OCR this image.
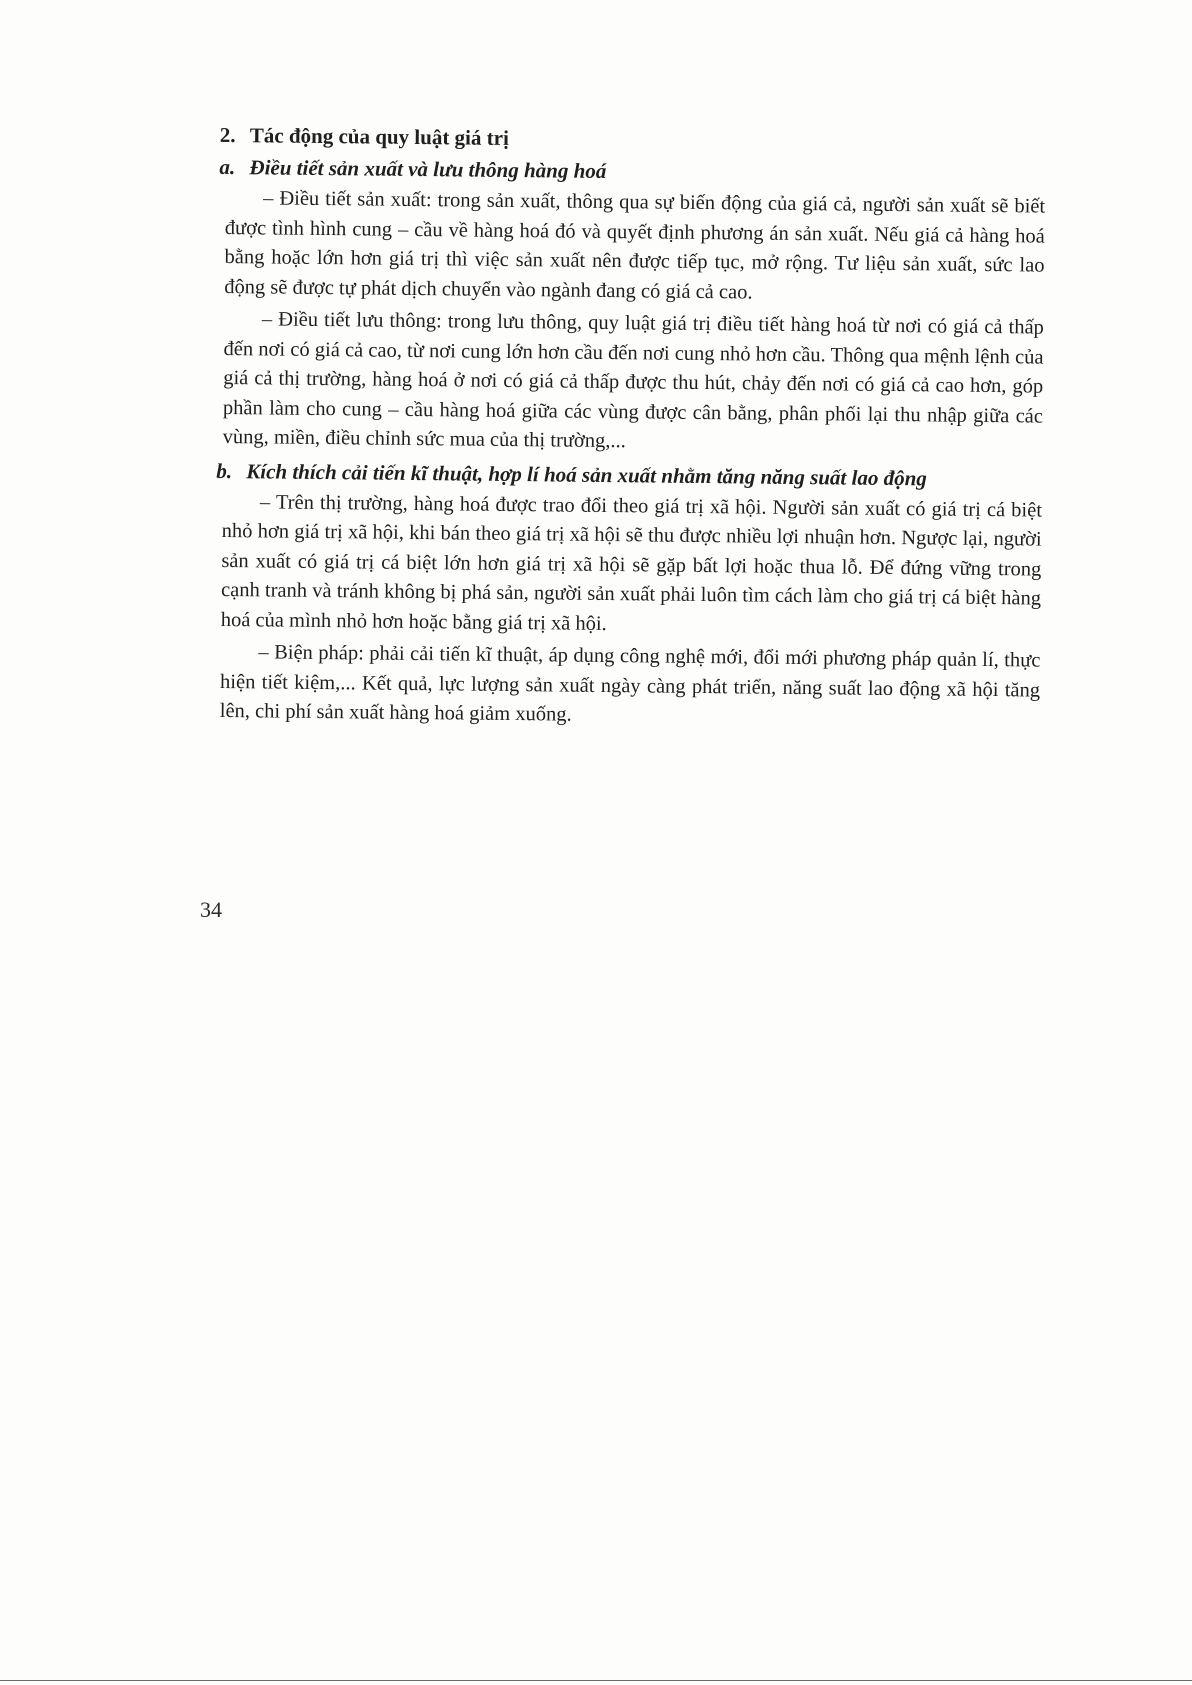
2. Tác động của quy luật giá trị
a. Điều tiết sản xuất và lưu thông hàng hoá

– Điều tiết sản xuất: trong sản xuất, thông qua sự biến động của giá cả, người sản xuất sẽ biết được tình hình cung – cầu về hàng hoá đó và quyết định phương án sản xuất. Nếu giá cả hàng hoá bằng hoặc lớn hơn giá trị thì việc sản xuất nên được tiếp tục, mở rộng. Tư liệu sản xuất, sức lao động sẽ được tự phát dịch chuyển vào ngành đang có giá cả cao.

– Điều tiết lưu thông: trong lưu thông, quy luật giá trị điều tiết hàng hoá từ nơi có giá cả thấp đến nơi có giá cả cao, từ nơi cung lớn hơn cầu đến nơi cung nhỏ hơn cầu. Thông qua mệnh lệnh của giá cả thị trường, hàng hoá ở nơi có giá cả thấp được thu hút, chảy đến nơi có giá cả cao hơn, góp phần làm cho cung – cầu hàng hoá giữa các vùng được cân bằng, phân phối lại thu nhập giữa các vùng, miền, điều chỉnh sức mua của thị trường,...

b. Kích thích cải tiến kĩ thuật, hợp lí hoá sản xuất nhằm tăng năng suất lao động

– Trên thị trường, hàng hoá được trao đổi theo giá trị xã hội. Người sản xuất có giá trị cá biệt nhỏ hơn giá trị xã hội, khi bán theo giá trị xã hội sẽ thu được nhiều lợi nhuận hơn. Ngược lại, người sản xuất có giá trị cá biệt lớn hơn giá trị xã hội sẽ gặp bất lợi hoặc thua lỗ. Để đứng vững trong cạnh tranh và tránh không bị phá sản, người sản xuất phải luôn tìm cách làm cho giá trị cá biệt hàng hoá của mình nhỏ hơn hoặc bằng giá trị xã hội.

– Biện pháp: phải cải tiến kĩ thuật, áp dụng công nghệ mới, đổi mới phương pháp quản lí, thực hiện tiết kiệm,... Kết quả, lực lượng sản xuất ngày càng phát triển, năng suất lao động xã hội tăng lên, chi phí sản xuất hàng hoá giảm xuống.

34
